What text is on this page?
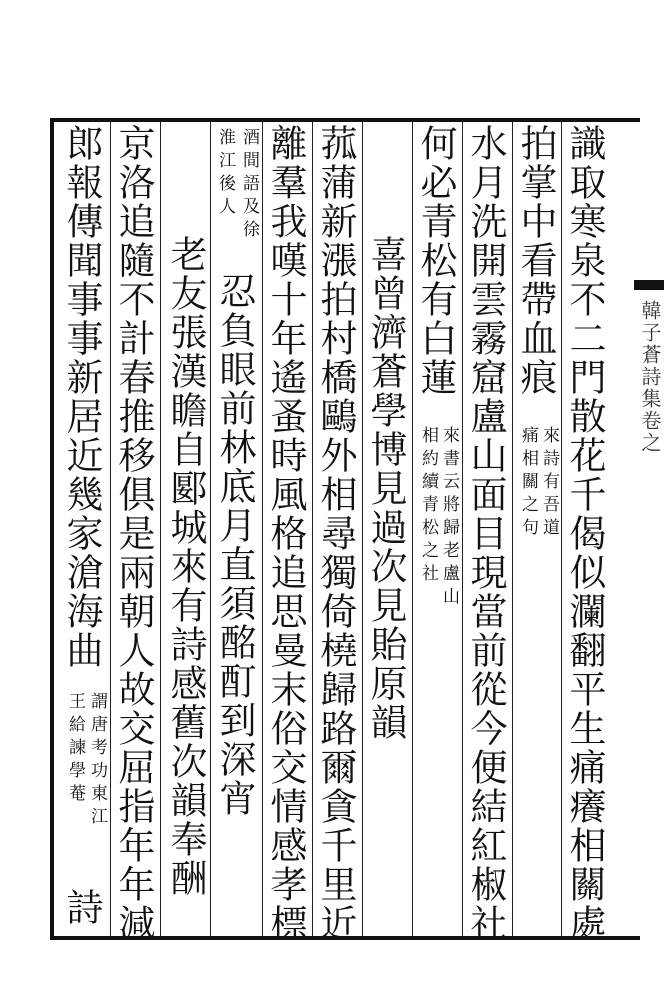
韓子蒼詩集卷之
識取寒泉不二門散花千偈似瀾翻平生痛癢相關處
拍掌中看帶血痕
來詩有吾道
痛相關之句
水月洗開雲霧窟盧山面目現當前從今便結紅椒社
何必青松有白蓮
來書云將歸老盧山
相約續青松之社
喜曾濟蒼學博見過次見貽原韻
菰蒲新漲拍村橋鷗外相尋獨倚橈歸路爾貪千里近
離羣我嘆十年遙蚤時風格追思曼末俗交情感孝標
酒間語及徐
淮江後人
忍負眼前林底月直須酩酊到深宵
老友張漢瞻自郾城來有詩感舊次韻奉酬
京洛追隨不計春推移俱是兩朝人故交屈指年年減
郎報傳聞事事新居近幾家滄海曲
謂唐考功東江
王給諫學菴
詩
